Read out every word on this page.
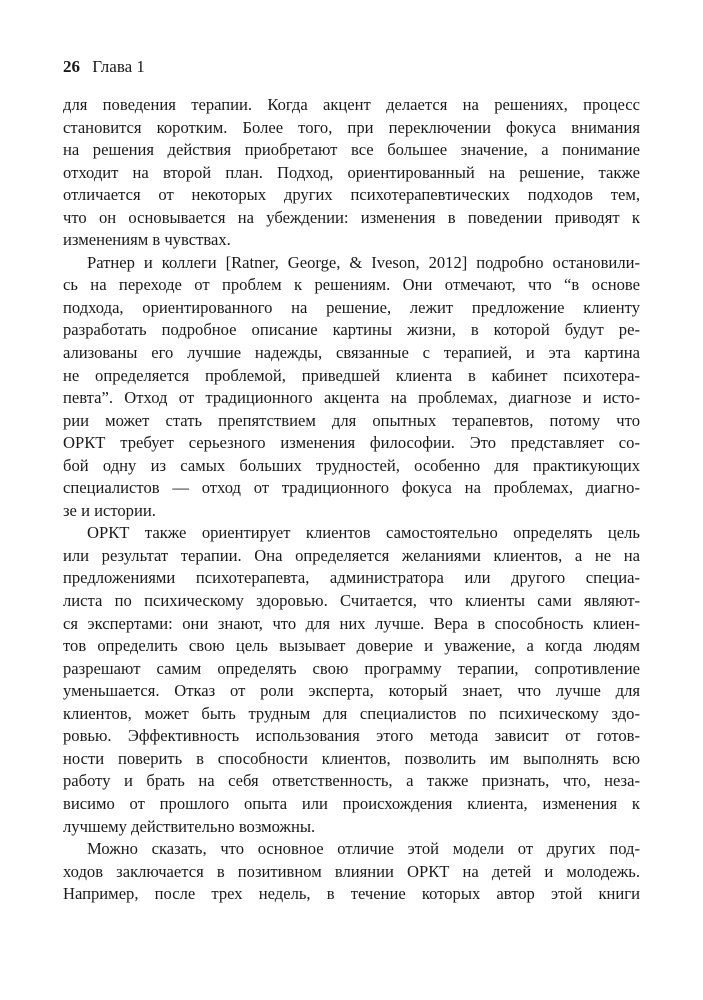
26 Глава 1
для поведения терапии. Когда акцент делается на решениях, процесс
становится коротким. Более того, при переключении фокуса внимания
на решения действия приобретают все большее значение, а понимание
отходит на второй план. Подход, ориентированный на решение, также
отличается от некоторых других психотерапевтических подходов тем,
что он основывается на убеждении: изменения в поведении приводят к
изменениям в чувствах.
Ратнер и коллеги [Ratner, George, & Iveson, 2012] подробно остановили-
сь на переходе от проблем к решениям. Они отмечают, что “в основе
подхода, ориентированного на решение, лежит предложение клиенту
разработать подробное описание картины жизни, в которой будут ре-
ализованы его лучшие надежды, связанные с терапией, и эта картина
не определяется проблемой, приведшей клиента в кабинет психотера-
певта”. Отход от традиционного акцента на проблемах, диагнозе и исто-
рии может стать препятствием для опытных терапевтов, потому что
ОРКТ требует серьезного изменения философии. Это представляет со-
бой одну из самых больших трудностей, особенно для практикующих
специалистов — отход от традиционного фокуса на проблемах, диагно-
зе и истории.
ОРКТ также ориентирует клиентов самостоятельно определять цель
или результат терапии. Она определяется желаниями клиентов, а не на
предложениями психотерапевта, администратора или другого специа-
листа по психическому здоровью. Считается, что клиенты сами являют-
ся экспертами: они знают, что для них лучше. Вера в способность клиен-
тов определить свою цель вызывает доверие и уважение, а когда людям
разрешают самим определять свою программу терапии, сопротивление
уменьшается. Отказ от роли эксперта, который знает, что лучше для
клиентов, может быть трудным для специалистов по психическому здо-
ровью. Эффективность использования этого метода зависит от готов-
ности поверить в способности клиентов, позволить им выполнять всю
работу и брать на себя ответственность, а также признать, что, неза-
висимо от прошлого опыта или происхождения клиента, изменения к
лучшему действительно возможны.
Можно сказать, что основное отличие этой модели от других под-
ходов заключается в позитивном влиянии ОРКТ на детей и молодежь.
Например, после трех недель, в течение которых автор этой книги
